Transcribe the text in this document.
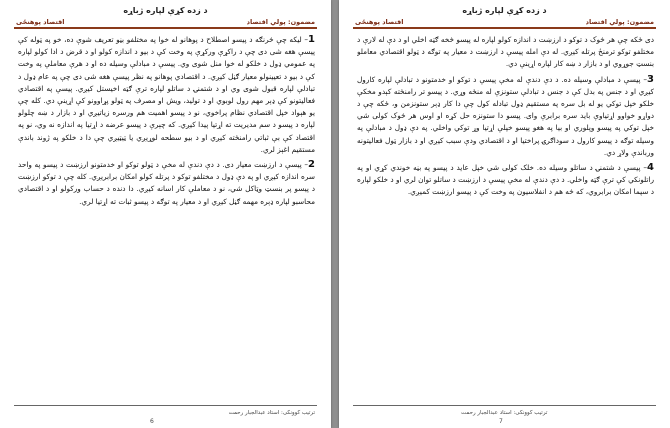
د زده کړې لپاره ژباړه
مضمون: پولي اقتصاد
اقتصاد پوهنځی

1– ليکه چې څرنګه د پيسو اصطلاح د پوهانو له خوا په مختلفو بڼو تعريف شوې ده، خو په ټوله کې پيسې هغه شی دی چې د راکړې ورکړې په وخت کې د بيو د اندازه کولو او د قرض د ادا کولو لپاره په عمومي ډول د خلکو له خوا منل شوی وي. پيسې د مبادلې وسيله ده او د هرې معاملې په وخت کې د بيو د تعيينولو معيار ګڼل کيږي. د اقتصادي پوهانو په نظر پيسې هغه شی دی چې په عام ډول د تبادلې لپاره قبول شوی وي او د شتمنۍ د ساتلو لپاره ترې ګټه اخيستل کيږي. پيسې په اقتصادي فعاليتونو کې ډېر مهم رول لوبوي او د توليد، ويش او مصرف په ټولو پړاوونو کې اړينې دي. کله چې يو هېواد خپل اقتصادي نظام پراخوي، نو د پيسو اهميت هم ورسره زياتيږي او د بازار د ښه چلولو لپاره د پيسو د سم مديريت ته اړتيا پيدا کيږي. که چېرې د پيسو عرضه د اړتيا په اندازه نه وي، نو په اقتصاد کې بې ثباتي رامنځته کيږي او د بيو سطحه لوړيږي يا ټيټيږي چې دا د خلکو په ژوند باندې مستقيم اغېز لري.

2– پيسې د ارزښت معيار دی. د دې دندې له مخې د ټولو توکو او خدمتونو ارزښت د پيسو په واحد سره اندازه کيږي او په دې ډول د مختلفو توکو د پرتله کولو امکان برابريږي. کله چې د توکو ارزښت د پيسو پر بنسټ وټاکل شي، نو د معاملې کار اسانه کيږي. دا دنده د حساب ورکولو او د اقتصادي محاسبو لپاره ډېره مهمه ګڼل کيږي او د معيار په توګه د پيسو ثبات ته اړتيا لري.

ترتيب کوونکی: استاد عبدالجبار رحمت
6
د زده کړې لپاره ژباړه
مضمون: پولي اقتصاد
اقتصاد پوهنځی

دی ځکه چې هر څوک د توکو د ارزښت د اندازه کولو لپاره له پيسو څخه ګټه اخلي او د دې له لارې د مختلفو توکو ترمنځ پرتله کيږي. له دې امله پيسې د ارزښت د معيار په توګه د ټولو اقتصادي معاملو بنسټ جوړوي او د بازار د ښه کار لپاره اړينې دي.

3– پيسې د مبادلې وسيله ده. د دې دندې له مخې پيسې د توکو او خدمتونو د تبادلې لپاره کارول کيږي او د جنس په بدل کې د جنس د تبادلې ستونزې له منځه وړي. د پيسو تر رامنځته کېدو مخکې خلکو خپل توکي يو له بل سره په مستقيم ډول تبادله کول چې دا کار ډېر ستونزمن و، ځکه چې د دواړو خواوو اړتياوې بايد سره برابرې وای. پيسو دا ستونزه حل کړه او اوس هر څوک کولی شي خپل توکي په پيسو وپلوري او بيا په هغو پيسو خپلې اړتيا وړ توکي واخلي. په دې ډول د مبادلې په وسيله توګه د پيسو کارول د سوداګرۍ پراختيا او د اقتصادي ودې سبب کيږي او د بازار ټول فعاليتونه ورباندې ولاړ دي.

4– پيسې د شتمنۍ د ساتلو وسيله ده. خلک کولی شي خپل عايد د پيسو په بڼه خوندي کړي او په راتلونکي کې ترې ګټه واخلي. د دې دندې له مخې پيسې د ارزښت د ساتلو توان لري او د خلکو لپاره د سپما امکان برابروي، که څه هم د انفلاسيون په وخت کې د پيسو ارزښت کميږي.

ترتيب کوونکی: استاد عبدالجبار رحمت
7
